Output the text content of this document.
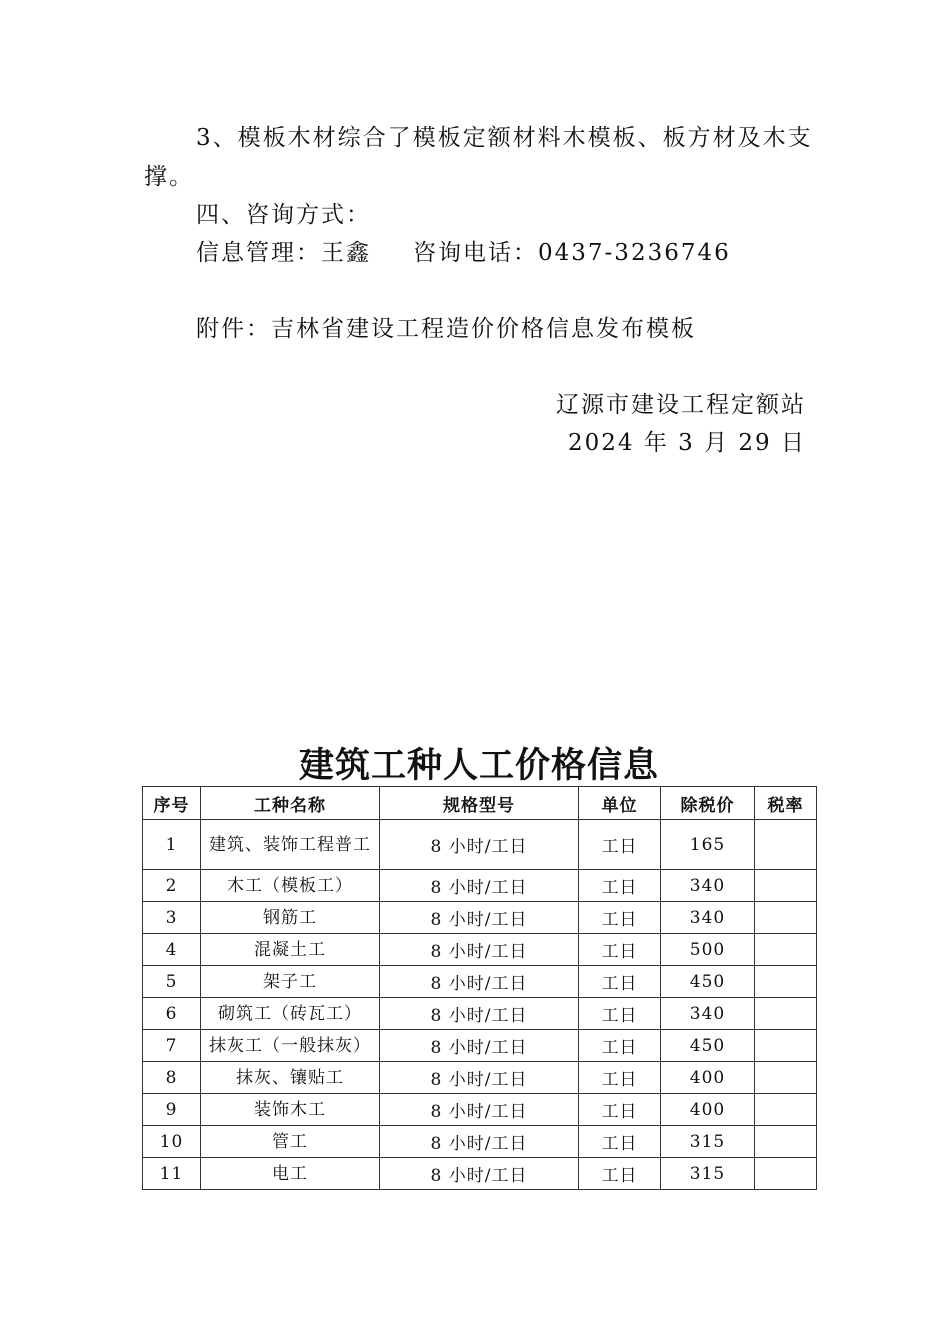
3、模板木材综合了模板定额材料木模板、板方材及木支
撑。
四、咨询方式：
信息管理：王鑫 咨询电话：0437-3236746
附件：吉林省建设工程造价价格信息发布模板
辽源市建设工程定额站
2024 年 3 月 29 日
建筑工种人工价格信息
序号	工种名称	规格型号	单位	除税价	税率
1	建筑、装饰工程普工	8 小时/工日	工日	165	
2	木工（模板工）	8 小时/工日	工日	340	
3	钢筋工	8 小时/工日	工日	340	
4	混凝土工	8 小时/工日	工日	500	
5	架子工	8 小时/工日	工日	450	
6	砌筑工（砖瓦工）	8 小时/工日	工日	340	
7	抹灰工（一般抹灰）	8 小时/工日	工日	450	
8	抹灰、镶贴工	8 小时/工日	工日	400	
9	装饰木工	8 小时/工日	工日	400	
10	管工	8 小时/工日	工日	315	
11	电工	8 小时/工日	工日	315	
